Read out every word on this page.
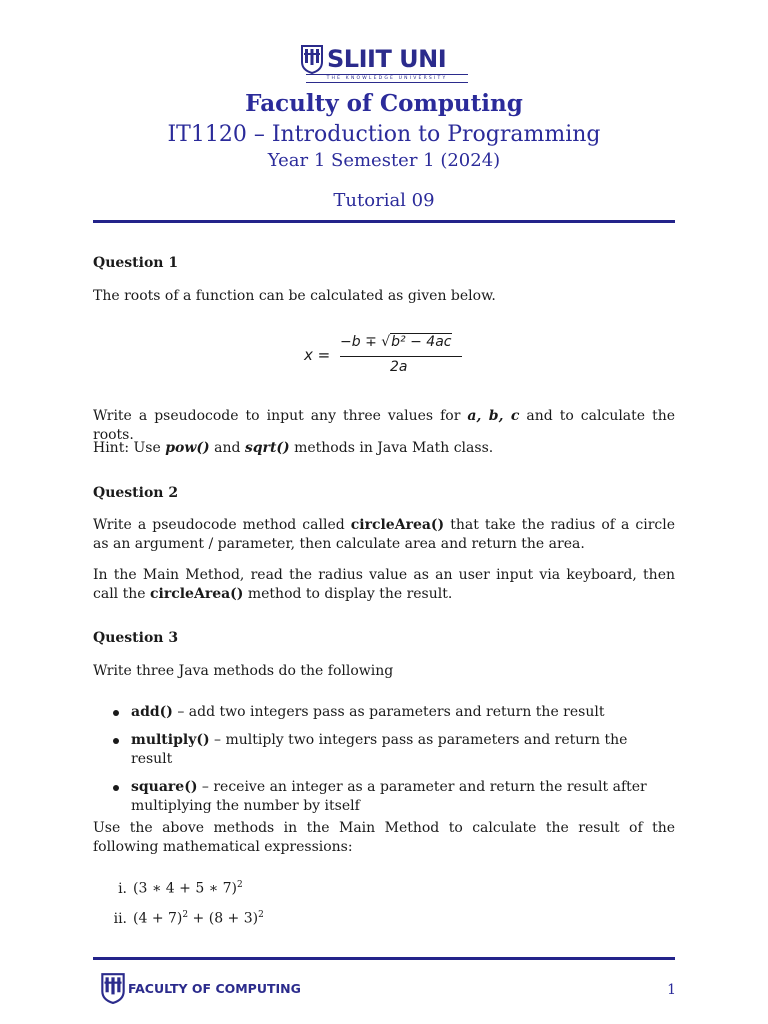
SLIIT UNI
THE KNOWLEDGE UNIVERSITY
Faculty of Computing
IT1120 – Introduction to Programming
Year 1 Semester 1 (2024)
Tutorial 09
Question 1
The roots of a function can be calculated as given below.
x =
−b ∓ √b² − 4ac
2a
Write a pseudocode to input any three values for a, b, c and to calculate the roots.
Hint: Use pow() and sqrt() methods in Java Math class.
Question 2
Write a pseudocode method called circleArea() that take the radius of a circle as an argument / parameter, then calculate area and return the area.
In the Main Method, read the radius value as an user input via keyboard, then call the circleArea() method to display the result.
Question 3
Write three Java methods do the following
add() – add two integers pass as parameters and return the result
multiply() – multiply two integers pass as parameters and return the result
square() – receive an integer as a parameter and return the result after multiplying the number by itself
Use the above methods in the Main Method to calculate the result of the following mathematical expressions:
i. (3 ∗ 4 + 5 ∗ 7)$^2$
ii. $(4 + 7)^2 + (8 + 3)^2$
FACULTY OF COMPUTING	1
